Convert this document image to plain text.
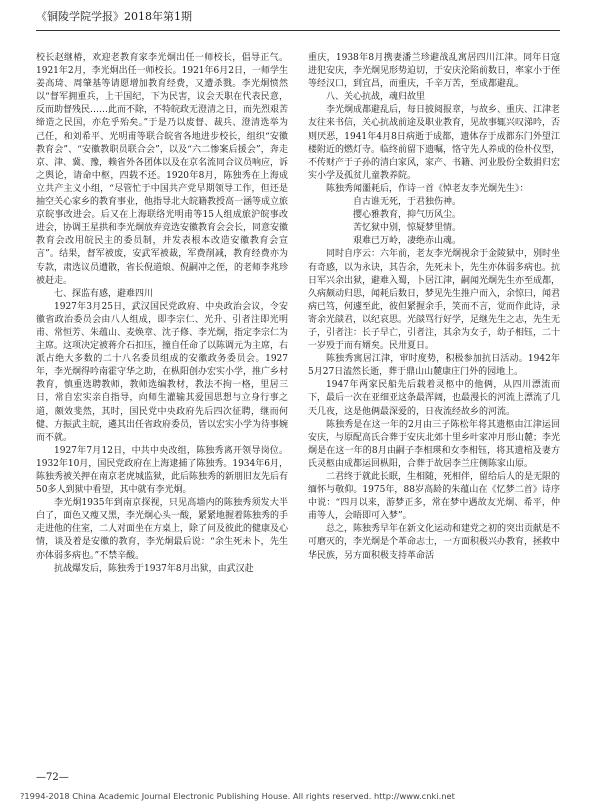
《铜陵学院学报》2018年第1期

校长赵继椿，欢迎老教育家李光炯出任一师校长，倡导正气。1921年2月，李光炯出任一师校长。1921年6月2日，一师学生姜高琦、周肇基等请愿增加教育经费，又遭杀戮。李光炯愤然以“督军拥重兵，上干国纪，下为民害，议会天职在代表民意，反而助督残民……此而不除，不特皖政无澄清之日，而先烈艰苦缔造之民国，亦危乎殆矣。”于是乃以废督、裁兵、澄清选举为己任，和刘希平、光明甫等联合皖省各地进步校长，组织“安徽教育会”、“安徽教职员联合会”，以及“六二惨案后援会”，奔走京、津、冀、豫，赖省外各团体以及在京名流同合议员响应，诉之舆论，请命中枢，四载不还。1920年8月，陈独秀在上海成立共产主义小组，“尽管忙于中国共产党早期领导工作，但还是抽空关心家乡的教育事业，他指导北大皖籍教授高一涵等成立旅京皖事改进会。后又在上海联络光明甫等15人组成旅沪皖事改进会，协调王星拱和李光炯放弃竞选安徽教育会会长，同意安徽教育会改用皖民主的委员制，并发表根本改造安徽教育会宣言”。结果，督军被废，安武军被裁，军费削减，教育经费亦为专款，肃选议员遭散，省长倪道烺、倪嗣冲之侄，的老师李兆珍被赶走。

七、探监有感，避难四川

1927年3月25日，武汉国民党政府、中央政治会议，令安徽省政治委员会由八人组成，即李宗仁、光升、引者注即光明甫、常恒芳、朱蕴山、麦焕章、沈子修、李光炯，指定李宗仁为主席。这项决定被蒋介石扣压，撞自任命了以陈调元为主席，右派占绝大多数的二十八名委员组成的安徽政务委员会。1927年，李光炯得吟南霍守华之助，在枞阳创办宏实小学，推广乡村教育，慎重选聘教师，教师选编教材，教法不拘一格，里居三日，常自宏实亲自指导，向师生灌输其爱国思想与立身行事之道，颇效斐然，其时，国民党中央政府先后四次征聘，继而何健、方振武主皖，遴其出任省政府委员，皆以宏实小学为待事婉而不就。

1927年7月12日，中共中央改组，陈独秀离开领导岗位。1932年10月，国民党政府在上海逮捕了陈独秀。1934年6月，陈独秀被关押在南京老虎城监狱，此后陈独秀的新朋旧友先后有50多人到狱中看望，其中就有李光炯。

李光炯1935年到南京探视，只见高墙内的陈独秀须发大半白了，面色又瘦又黑，李光炯心头一酸，紧紧地握着陈独秀的手走进他的住室，二人对面坐在方桌上，除了问及彼此的健康及心情，谈及着是安徽的教育，李光炯最后说：“余生死未卜，先生亦体弱多病也。”不禁辛酸。

抗战爆发后，陈独秀于1937年8月出狱，由武汉赴

重庆，1938年8月携妻潘兰珍避战乱寓居四川江津。同年日寇进犯安庆，李光炯见形势迫切，于安庆沦陷前数日，率家小于侄等经汉口，到宜昌，而重庆，千辛万苦，至成都避乱。

八、关心抗战，魂归故里

李光炯成都避乱后，每日披阅报章，与故乡、重庆、江津老友往来书信，关心抗战前途及职业教育，见故事辄兴叹涕吟，否则厌恶，1941年4月8日病逝于成都，遗体存于成都东门外望江楼附近的燃灯寺。临终前留下遗嘱，恪守先人养成的俭朴仪型，不传财产于子孙的清白家风，家产、书籍、河业股份全数捐归宏实小学及孤贫儿童教养院。

陈独秀闻噩耗后，作诗一首《悼老友李光炯先生》：

自古谁无死，于君独伤神。
撄心雅教育，抑气历风尘。
苦忆狱中别，惊疑梦里情。
艰难已万岭，凄绝赤山魂。

同时自序云：六年前，老友李光炯视余于金陵狱中，别时坐有奇感，以为永诀，其告余，先死未卜，先生亦体弱多病也。抗日军兴余出狱，避难入蜀，卜居江津，嗣闻光炯先生亦至成都，久病颇动归思，闻耗后数日，梦见先生推户而入，余惊曰，闻君病已笃，何遽至此，彼但紧握余手，笑而不言，觉而作此诗，录寄余光燄君，以纪哀思。光燄骂行好学，足继先生之志，先生无子，引者注：长子早亡，引者注，其余为女子，幼子相钰，二十一岁殁于而有婿矣。民卅夏日。

陈独秀寓居江津，审时度势，积极参加抗日活动。1942年5月27日溘然长逝，葬于鼎山山麓康庄门外的园地上。

1947年两家民船先后载着灵柩中的他俩，从四川漂流而下，最后一次在亚细亚这条最浑阔，也最漫长的河流上漂流了几天几夜，这是他俩最深爱的，日夜流经故乡的河流。

陈独秀是在这一年的2月由三子陈松年将其遗柩由江津运回安庆，与原配高氏合葬于安庆北郊十里乡叶家冲月形山麓；李光炯是在这一年的8月由嗣子李相瑛和女李相钰，将其遗棺及妻方氏灵柩由成都运回枞阳，合葬于故居李兰庄侧陈家山原。

二君终于就此长眠，生相随，死相伴，留给后人的是无限的缅怀与敬仰。1975年，88岁高龄的朱蕴山在《忆梦二首》诗序中说：“四月以来，游梦正多，常在梦中遇故友光炯、希平，仲甫等人，会晤即可入梦”。

总之，陈独秀早年在新文化运动和建党之初的突出贡献是不可磨灭的，李光炯是个革命志士，一方面积极兴办教育，拯救中华民族，另方面积极支持革命活

—72—
?1994-2018 China Academic Journal Electronic Publishing House. All rights reserved. http://www.cnki.net
